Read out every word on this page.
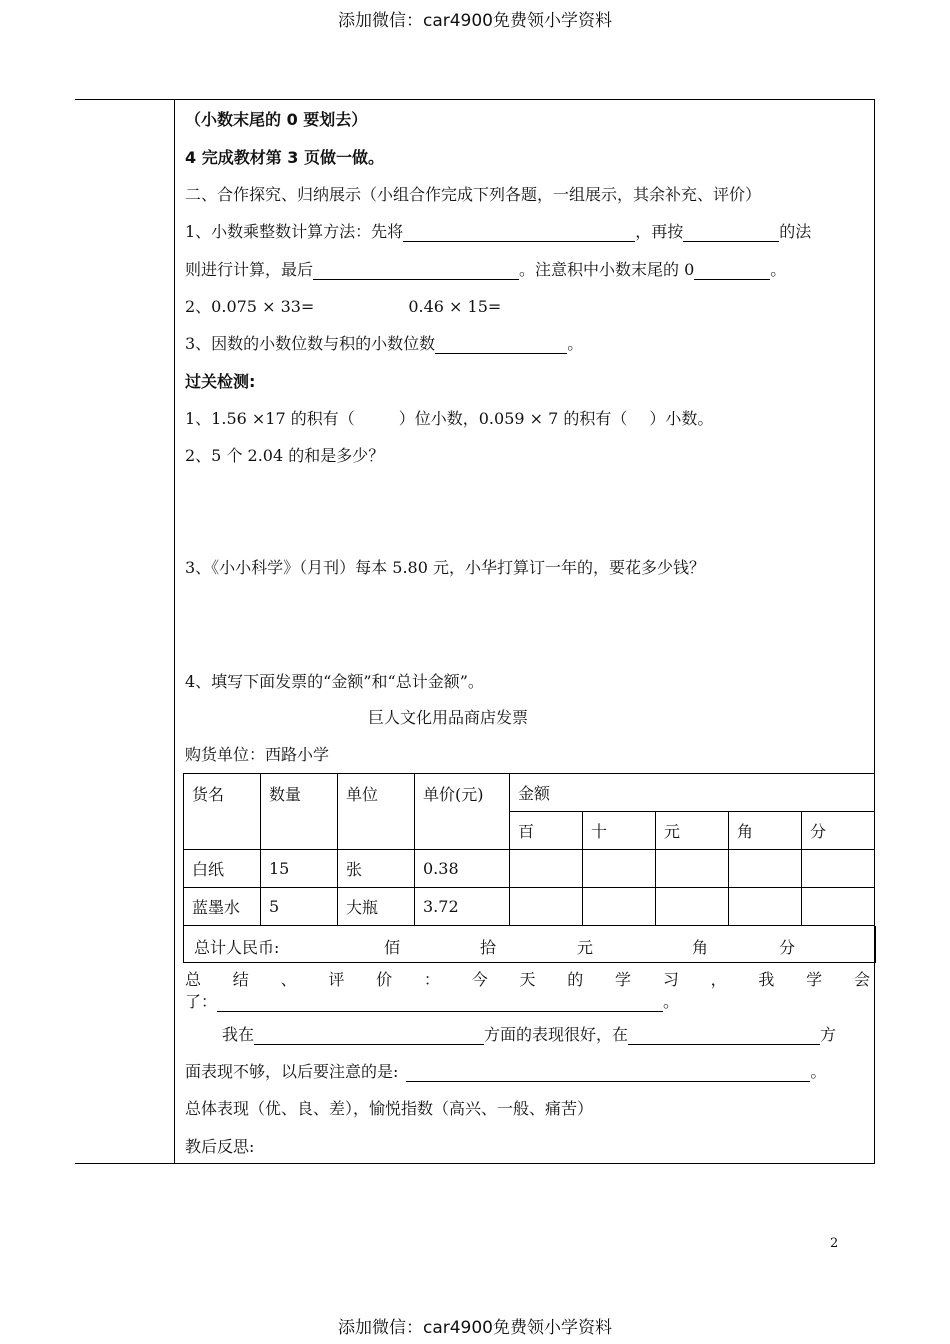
添加微信：car4900免费领小学资料
（小数末尾的 0 要划去）
4 完成教材第 3 页做一做。
二、合作探究、归纳展示（小组合作完成下列各题，一组展示，其余补充、评价）
1、小数乘整数计算方法：先将	，再按	的法
则进行计算，最后	。注意积中小数末尾的 0	。
2、0.075 × 33=	0.46 × 15=
3、因数的小数位数与积的小数位数	。
过关检测:
1、1.56 ×17 的积有（	）位小数，0.059 × 7 的积有（ ）小数。
2、5 个 2.04 的和是多少？
3、《小小科学》（月刊）每本 5.80 元，小华打算订一年的，要花多少钱？
4、填写下面发票的“金额”和“总计金额”。
巨人文化用品商店发票
购货单位：西路小学
货名	数量	单位	单价(元)	金额				
				百	十	元	角	分
白纸	15	张	0.38					
蓝墨水	5	大瓶	3.72					
总计人民币:	佰	拾	元	角	分
总 结 、 评 价 ： 今 天 的 学 习 ， 我 学 会
了：	。
我在	方面的表现很好，在	方
面表现不够，以后要注意的是:	。
总体表现（优、良、差），愉悦指数（高兴、一般、痛苦）
教后反思:
2
添加微信：car4900免费领小学资料
